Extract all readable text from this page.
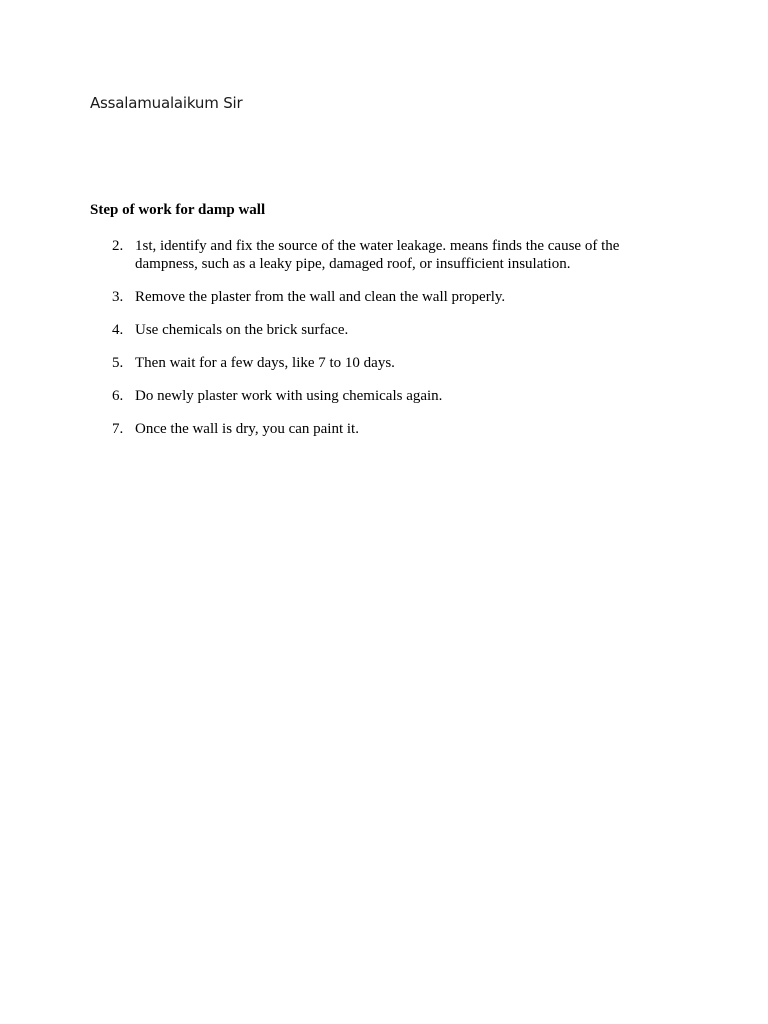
Assalamualaikum Sir

Step of work for damp wall

2. 1st, identify and fix the source of the water leakage. means finds the cause of the dampness, such as a leaky pipe, damaged roof, or insufficient insulation.
3. Remove the plaster from the wall and clean the wall properly.
4. Use chemicals on the brick surface.
5. Then wait for a few days, like 7 to 10 days.
6. Do newly plaster work with using chemicals again.
7. Once the wall is dry, you can paint it.
